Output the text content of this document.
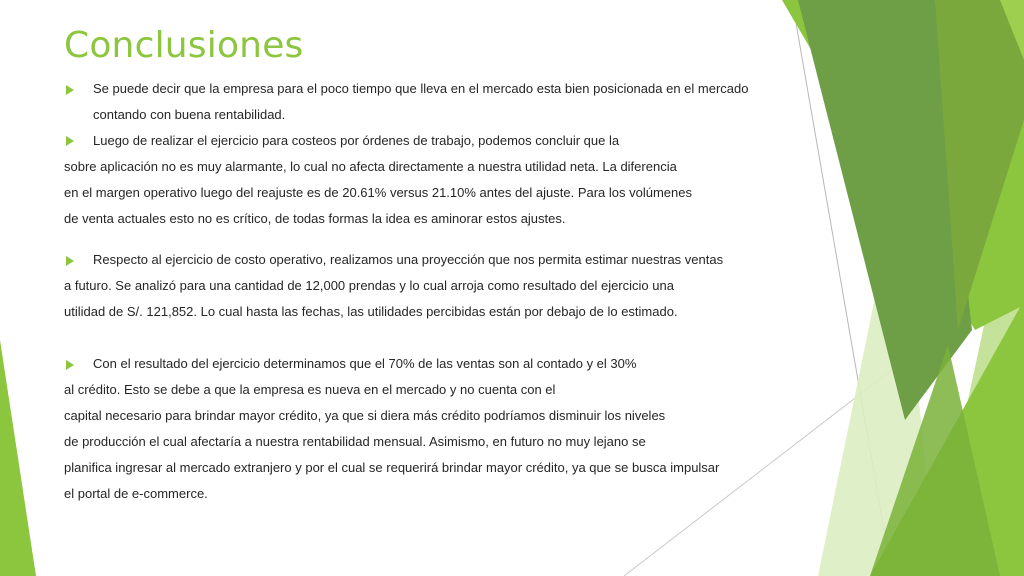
Conclusiones

Se puede decir que la empresa para el poco tiempo que lleva en el mercado esta bien posicionada en el mercado
contando con buena rentabilidad.

Luego de realizar el ejercicio para costeos por órdenes de trabajo, podemos concluir que la
sobre aplicación no es muy alarmante, lo cual no afecta directamente a nuestra utilidad neta. La diferencia
en el margen operativo luego del reajuste es de 20.61% versus 21.10% antes del ajuste. Para los volúmenes
de venta actuales esto no es crítico, de todas formas la idea es aminorar estos ajustes.

Respecto al ejercicio de costo operativo, realizamos una proyección que nos permita estimar nuestras ventas
a futuro. Se analizó para una cantidad de 12,000 prendas y lo cual arroja como resultado del ejercicio una
utilidad de S/. 121,852. Lo cual hasta las fechas, las utilidades percibidas están por debajo de lo estimado.

Con el resultado del ejercicio determinamos que el 70% de las ventas son al contado y el 30%
al crédito. Esto se debe a que la empresa es nueva en el mercado y no cuenta con el
capital necesario para brindar mayor crédito, ya que si diera más crédito podríamos disminuir los niveles
de producción el cual afectaría a nuestra rentabilidad mensual. Asimismo, en futuro no muy lejano se
planifica ingresar al mercado extranjero y por el cual se requerirá brindar mayor crédito, ya que se busca impulsar
el portal de e-commerce.
